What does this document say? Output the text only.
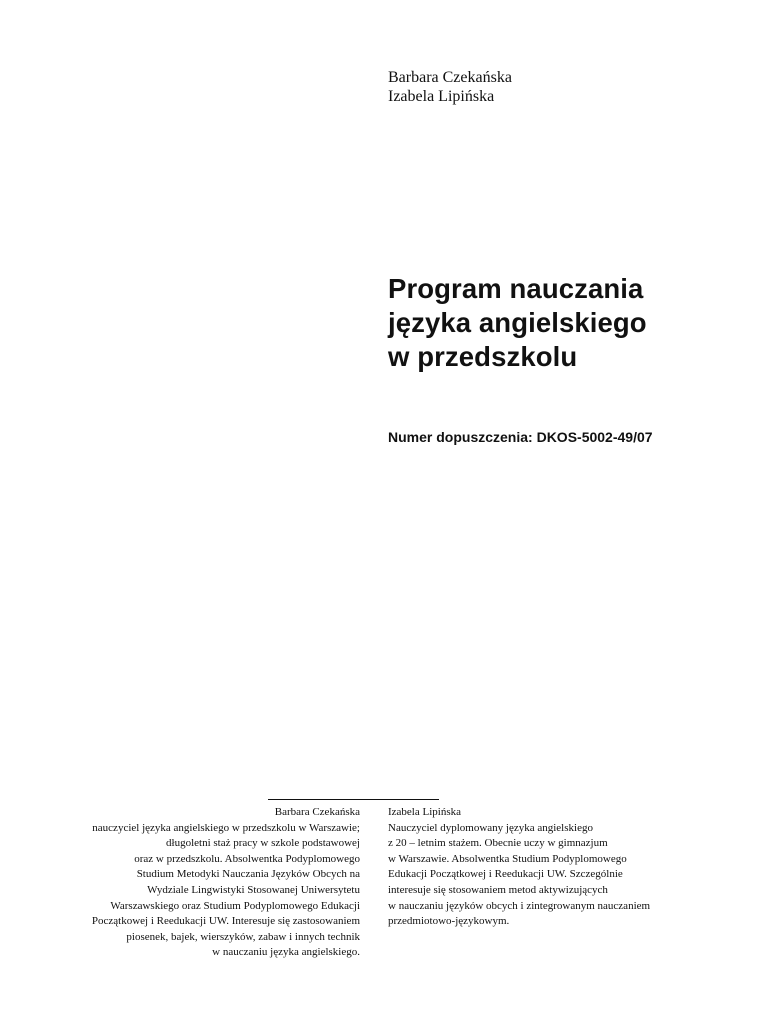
Barbara Czekańska
Izabela Lipińska
Program nauczania
języka angielskiego
w przedszkolu
Numer dopuszczenia: DKOS-5002-49/07
Barbara Czekańska
nauczyciel języka angielskiego w przedszkolu w Warszawie;
długoletni staż pracy w szkole podstawowej
oraz w przedszkolu. Absolwentka Podyplomowego
Studium Metodyki Nauczania Języków Obcych na
Wydziale Lingwistyki Stosowanej Uniwersytetu
Warszawskiego oraz Studium Podyplomowego Edukacji
Początkowej i Reedukacji UW. Interesuje się zastosowaniem
piosenek, bajek, wierszyków, zabaw i innych technik
w nauczaniu języka angielskiego.
Izabela Lipińska
Nauczyciel dyplomowany języka angielskiego
z 20 – letnim stażem. Obecnie uczy w gimnazjum
w Warszawie. Absolwentka Studium Podyplomowego
Edukacji Początkowej i Reedukacji UW. Szczególnie
interesuje się stosowaniem metod aktywizujących
w nauczaniu języków obcych i zintegrowanym nauczaniem
przedmiotowo-językowym.
